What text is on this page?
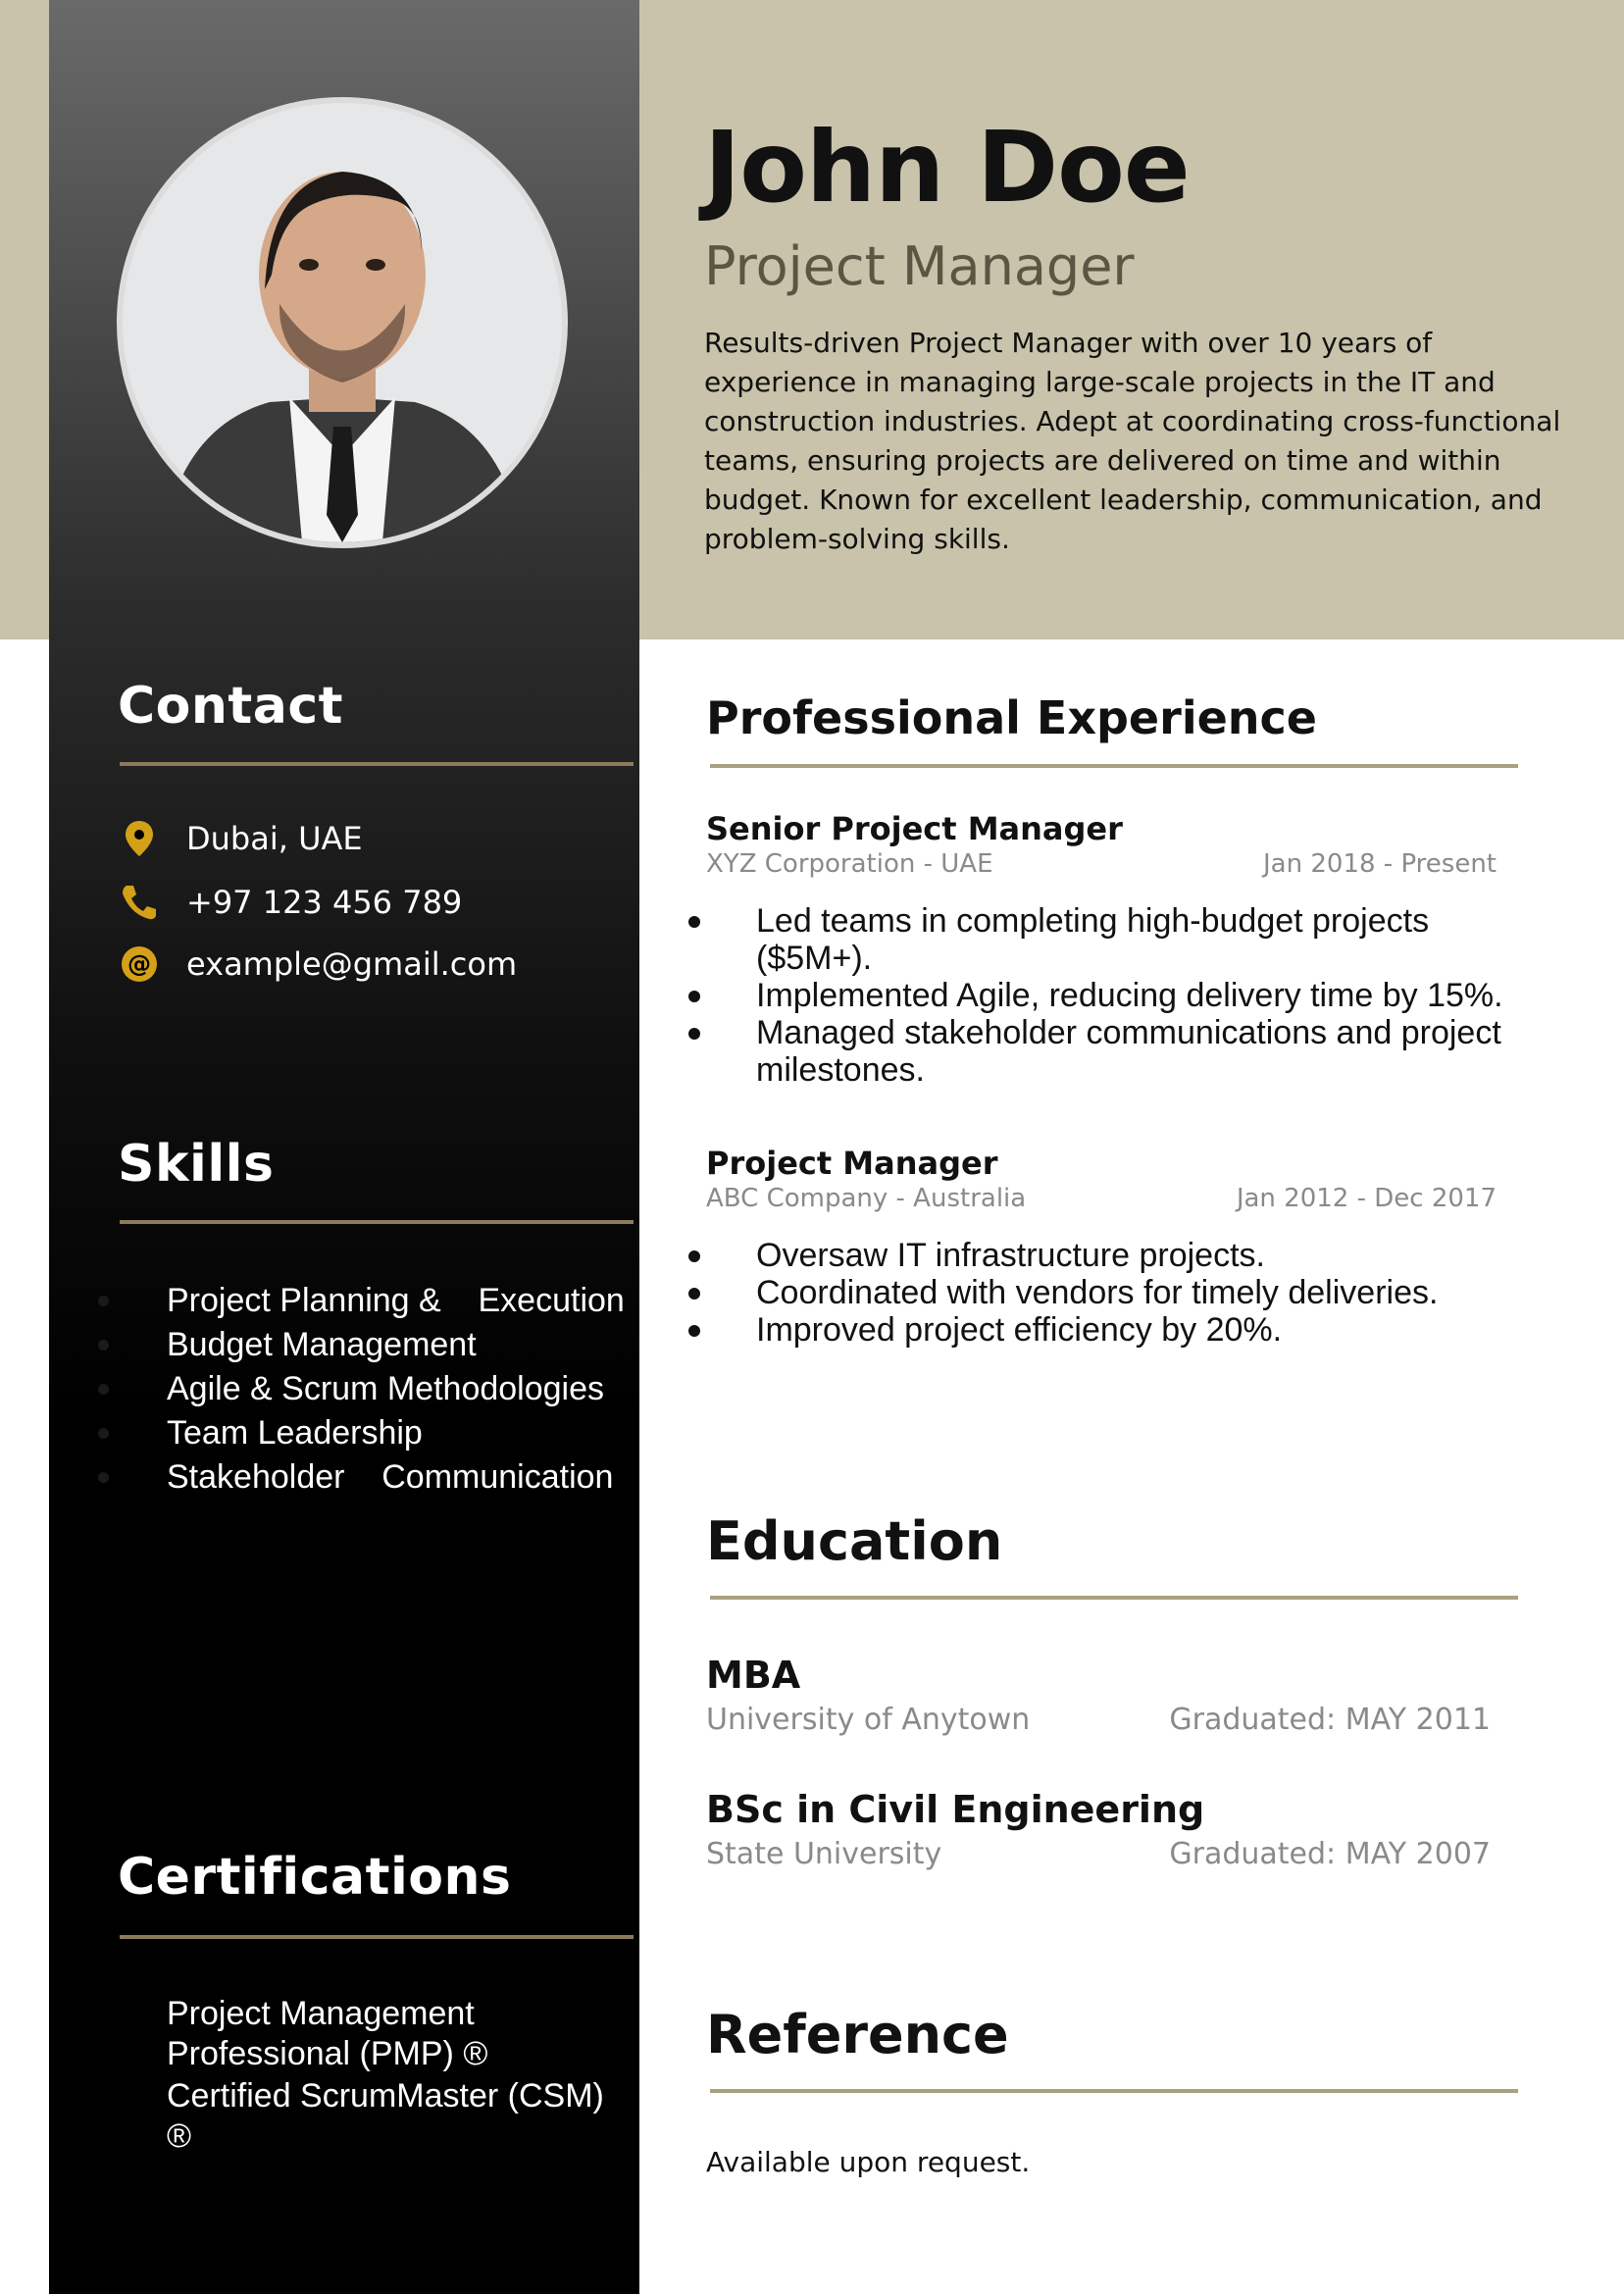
John Doe
Project Manager
Results-driven Project Manager with over 10 years of experience in managing large-scale projects in the IT and construction industries. Adept at coordinating cross-functional teams, ensuring projects are delivered on time and within budget. Known for excellent leadership, communication, and problem-solving skills.
Contact
Dubai, UAE
+97 123 456 789
@ example@gmail.com
Skills
Project Planning &    Execution
Budget Management
Agile & Scrum Methodologies
Team Leadership
Stakeholder    Communication
Certifications
Project Management Professional (PMP) ®
Certified ScrumMaster (CSM) ®
Professional Experience
Senior Project Manager
XYZ Corporation - UAE	Jan 2018 - Present
Led teams in completing high-budget projects ($5M+).
Implemented Agile, reducing delivery time by 15%.
Managed stakeholder communications and project milestones.
Project Manager
ABC Company - Australia	Jan 2012 - Dec 2017
Oversaw IT infrastructure projects.
Coordinated with vendors for timely deliveries.
Improved project efficiency by 20%.
Education
MBA
University of Anytown	Graduated: MAY 2011
BSc in Civil Engineering
State University	Graduated: MAY 2007
Reference
Available upon request.
